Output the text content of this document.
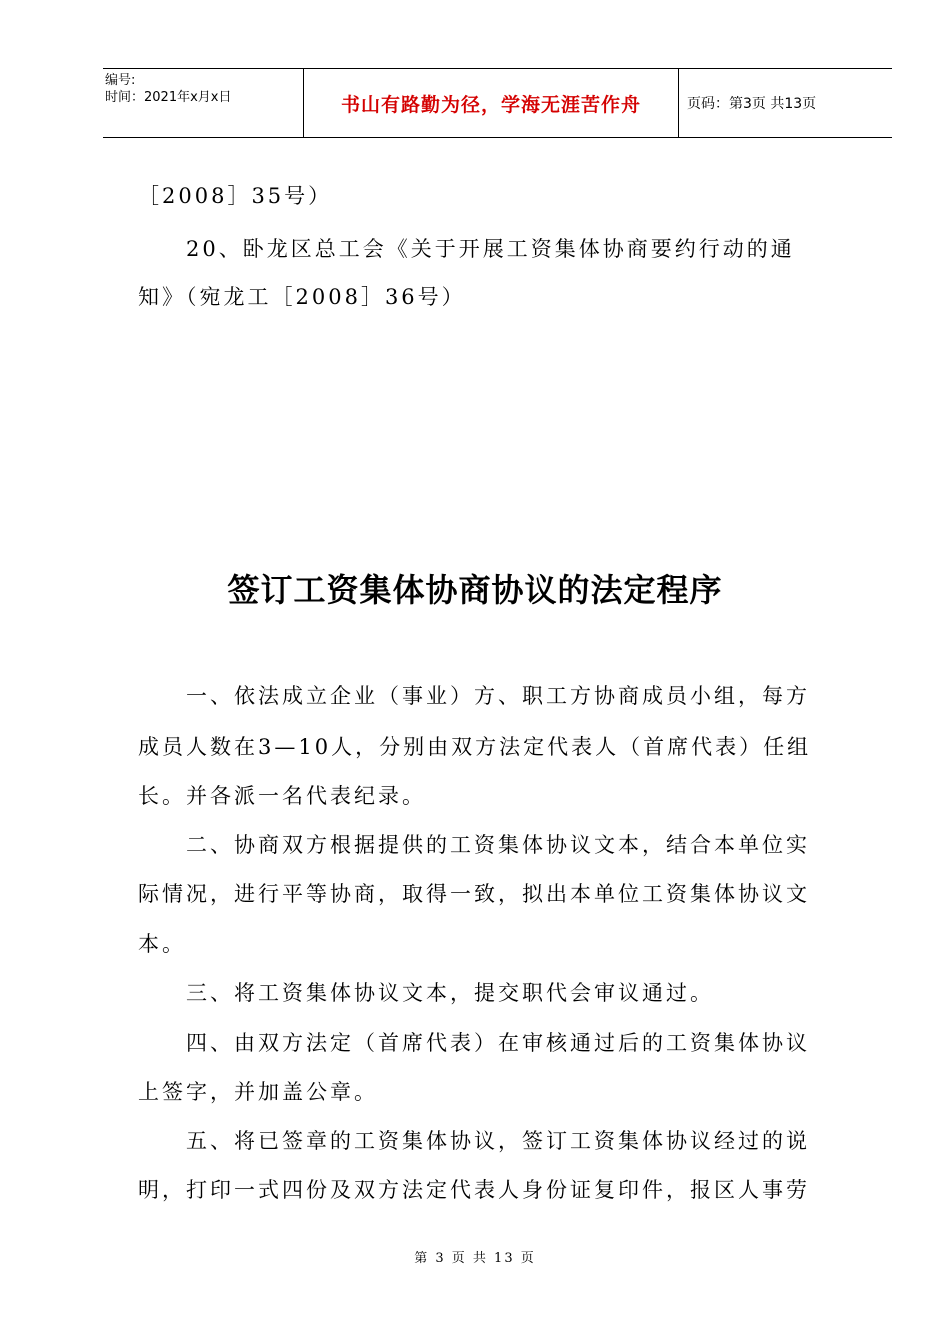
编号:
时间：2021年x月x日	书山有路勤为径，学海无涯苦作舟	页码：第3页 共13页
［2008］35号）
　　20、卧龙区总工会《关于开展工资集体协商要约行动的通
知》（宛龙工［2008］36号）
签订工资集体协商协议的法定程序
　　一、依法成立企业（事业）方、职工方协商成员小组，每方
成员人数在3—10人，分别由双方法定代表人（首席代表）任组
长。并各派一名代表纪录。
　　二、协商双方根据提供的工资集体协议文本，结合本单位实
际情况，进行平等协商，取得一致，拟出本单位工资集体协议文
本。
　　三、将工资集体协议文本，提交职代会审议通过。
　　四、由双方法定（首席代表）在审核通过后的工资集体协议
上签字，并加盖公章。
　　五、将已签章的工资集体协议，签订工资集体协议经过的说
明，打印一式四份及双方法定代表人身份证复印件，报区人事劳
第 3 页 共 13 页
